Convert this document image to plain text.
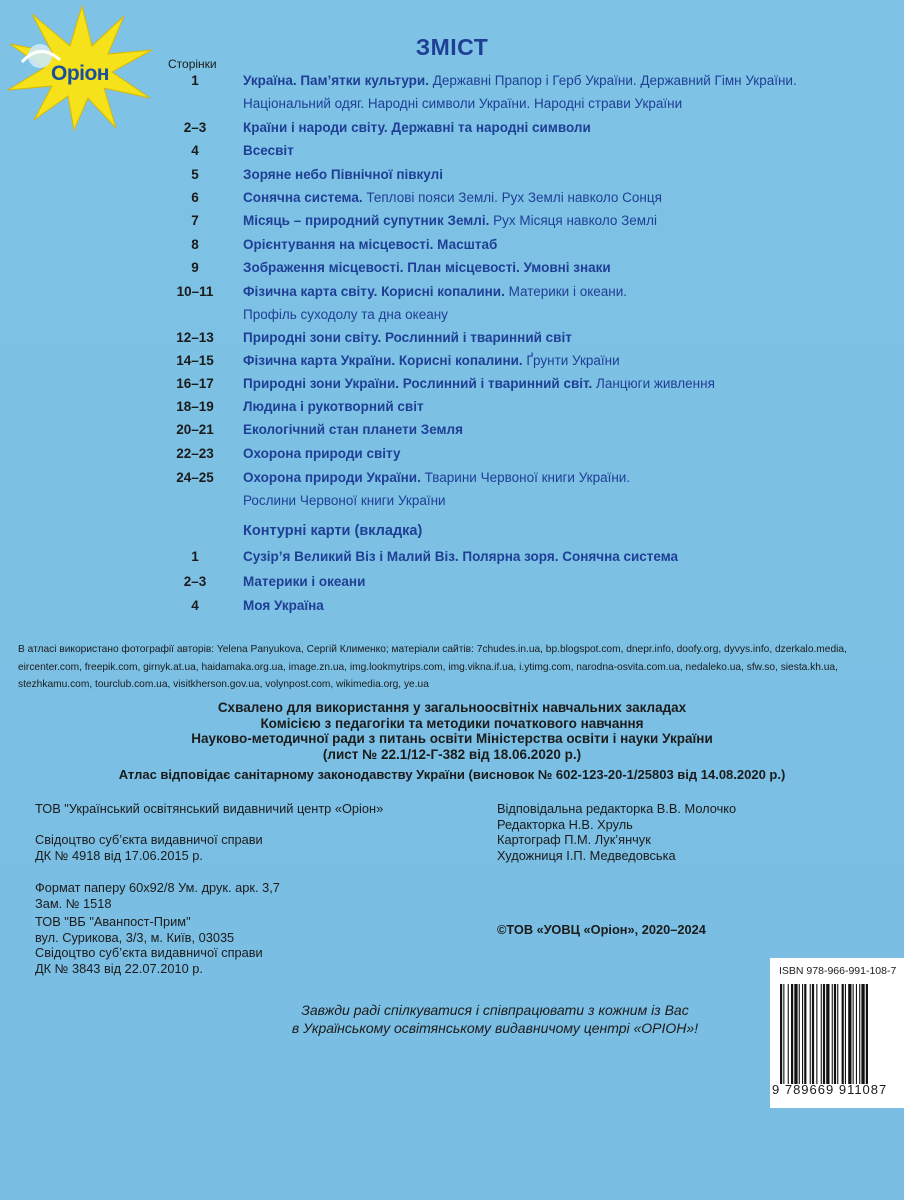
Оріон
ЗМІСТ
Сторінки
1	Україна. Пам’ятки культури. Державні Прапор і Герб України. Державний Гімн України.
Національний одяг. Народні символи України. Народні страви України
2–3	Країни і народи світу. Державні та народні символи
4	Всесвіт
5	Зоряне небо Північної півкулі
6	Сонячна система. Теплові пояси Землі. Рух Землі навколо Сонця
7	Місяць – природний супутник Землі. Рух Місяця навколо Землі
8	Орієнтування на місцевості. Масштаб
9	Зображення місцевості. План місцевості. Умовні знаки
10–11	Фізична карта світу. Корисні копалини. Материки і океани.
Профіль суходолу та дна океану
12–13	Природні зони світу. Рослинний і тваринний світ
14–15	Фізична карта України. Корисні копалини. Ґрунти України
16–17	Природні зони України. Рослинний і тваринний світ. Ланцюги живлення
18–19	Людина і рукотворний світ
20–21	Екологічний стан планети Земля
22–23	Охорона природи світу
24–25	Охорона природи України. Тварини Червоної книги України.
Рослини Червоної книги України
Контурні карти (вкладка)
1	Сузір’я Великий Віз і Малий Віз. Полярна зоря. Сонячна система
2–3	Материки і океани
4	Моя Україна
В атласі використано фотографії авторів: Yelena Panyukova, Сергій Клименко; матеріали сайтів: 7chudes.in.ua, bp.blogspot.com, dnepr.info, doofy.org, dyvys.info, dzerkalo.media,
eircenter.com, freepik.com, girnyk.at.ua, haidamaka.org.ua, image.zn.ua, img.lookmytrips.com, img.vikna.if.ua, i.ytimg.com, narodna-osvita.com.ua, nedaleko.ua, sfw.so, siesta.kh.ua,
stezhkamu.com, tourclub.com.ua, visitkherson.gov.ua, volynpost.com, wikimedia.org, ye.ua
Схвалено для використання у загальноосвітніх навчальних закладах
Комісією з педагогіки та методики початкового навчання
Науково-методичної ради з питань освіти Міністерства освіти і науки України
(лист № 22.1/12-Г-382 від 18.06.2020 р.)
Атлас відповідає санітарному законодавству України (висновок № 602-123-20-1/25803 від 14.08.2020 р.)
ТОВ "Український освітянський видавничий центр «Оріон»
Свідоцтво суб’єкта видавничої справи
ДК № 4918 від 17.06.2015 р.
Формат паперу 60х92/8 Ум. друк. арк. 3,7
Зам. № 1518
ТОВ "ВБ "Аванпост-Прим"
вул. Сурикова, 3/3, м. Київ, 03035
Свідоцтво суб’єкта видавничої справи
ДК № 3843 від 22.07.2010 р.
Відповідальна редакторка В.В. Молочко
Редакторка Н.В. Хруль
Картограф П.М. Лук’янчук
Художниця І.П. Медведовська
©ТОВ «УОВЦ «Оріон», 2020–2024
Завжди раді спілкуватися і співпрацювати з кожним із Вас
в Українському освітянському видавничому центрі «ОРІОН»!
ISBN 978-966-991-108-7
9 789669 911087
